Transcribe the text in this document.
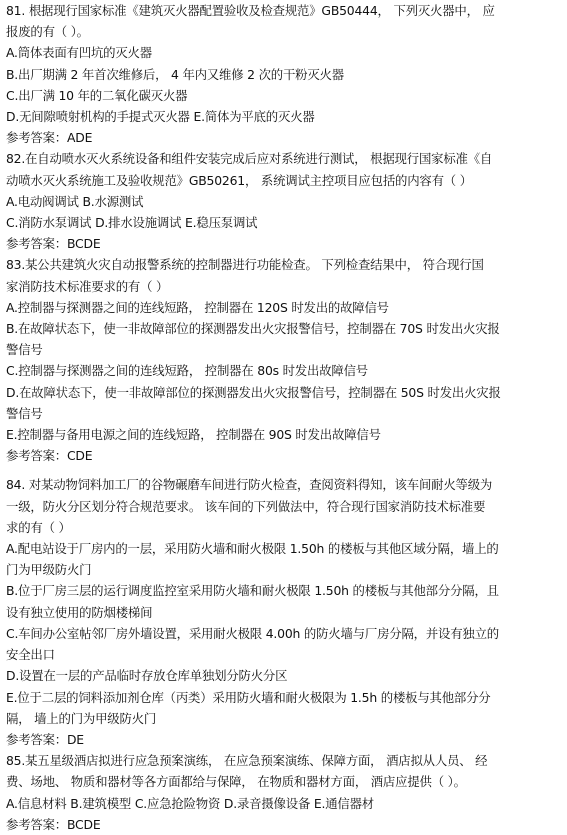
81. 根据现行国家标准《建筑灭火器配置验收及检查规范》GB50444， 下列灭火器中， 应
报废的有（ ）。
A.筒体表面有凹坑的灭火器
B.出厂期满 2 年首次维修后， 4 年内又维修 2 次的干粉灭火器
C.出厂满 10 年的二氧化碳灭火器
D.无间隙喷射机构的手提式灭火器 E.简体为平底的灭火器
参考答案：ADE
82.在自动喷水灭火系统设备和组件安装完成后应对系统进行测试， 根据现行国家标准《自
动喷水灭火系统施工及验收规范》GB50261， 系统调试主控项目应包括的内容有（ ）
A.电动阀调试 B.水源测试
C.消防水泵调试 D.排水设施调试 E.稳压泵调试
参考答案：BCDE
83.某公共建筑火灾自动报警系统的控制器进行功能检查。 下列检查结果中， 符合现行国
家消防技术标准要求的有（ ）
A.控制器与探测器之间的连线短路， 控制器在 120S 时发出的故障信号
B.在故障状态下，使一非故障部位的探测器发出火灾报警信号，控制器在 70S 时发出火灾报
警信号
C.控制器与探测器之间的连线短路， 控制器在 80s 时发出故障信号
D.在故障状态下，使一非故障部位的探测器发出火灾报警信号，控制器在 50S 时发出火灾报
警信号
E.控制器与备用电源之间的连线短路， 控制器在 90S 时发出故障信号
参考答案：CDE
84. 对某动物饲料加工厂的谷物碾磨车间进行防火检查，查阅资料得知，该车间耐火等级为
一级，防火分区划分符合规范要求。 该车间的下列做法中，符合现行国家消防技术标准要
求的有（ ）
A.配电站设于厂房内的一层，采用防火墙和耐火极限 1.50h 的楼板与其他区域分隔，墙上的
门为甲级防火门
B.位于厂房三层的运行调度监控室采用防火墙和耐火极限 1.50h 的楼板与其他部分分隔，且
设有独立使用的防烟楼梯间
C.车间办公室帖邻厂房外墙设置，采用耐火极限 4.00h 的防火墙与厂房分隔，并设有独立的
安全出口
D.设置在一层的产品临时存放仓库单独划分防火分区
E.位于二层的饲料添加剂仓库（丙类）采用防火墙和耐火极限为 1.5h 的楼板与其他部分分
隔， 墙上的门为甲级防火门
参考答案：DE
85.某五星级酒店拟进行应急预案演练， 在应急预案演练、保障方面， 酒店拟从人员、 经
费、场地、 物质和器材等各方面都给与保障， 在物质和器材方面， 酒店应提供（ ）。
A.信息材料 B.建筑模型 C.应急抢险物资 D.录音摄像设备 E.通信器材
参考答案：BCDE
